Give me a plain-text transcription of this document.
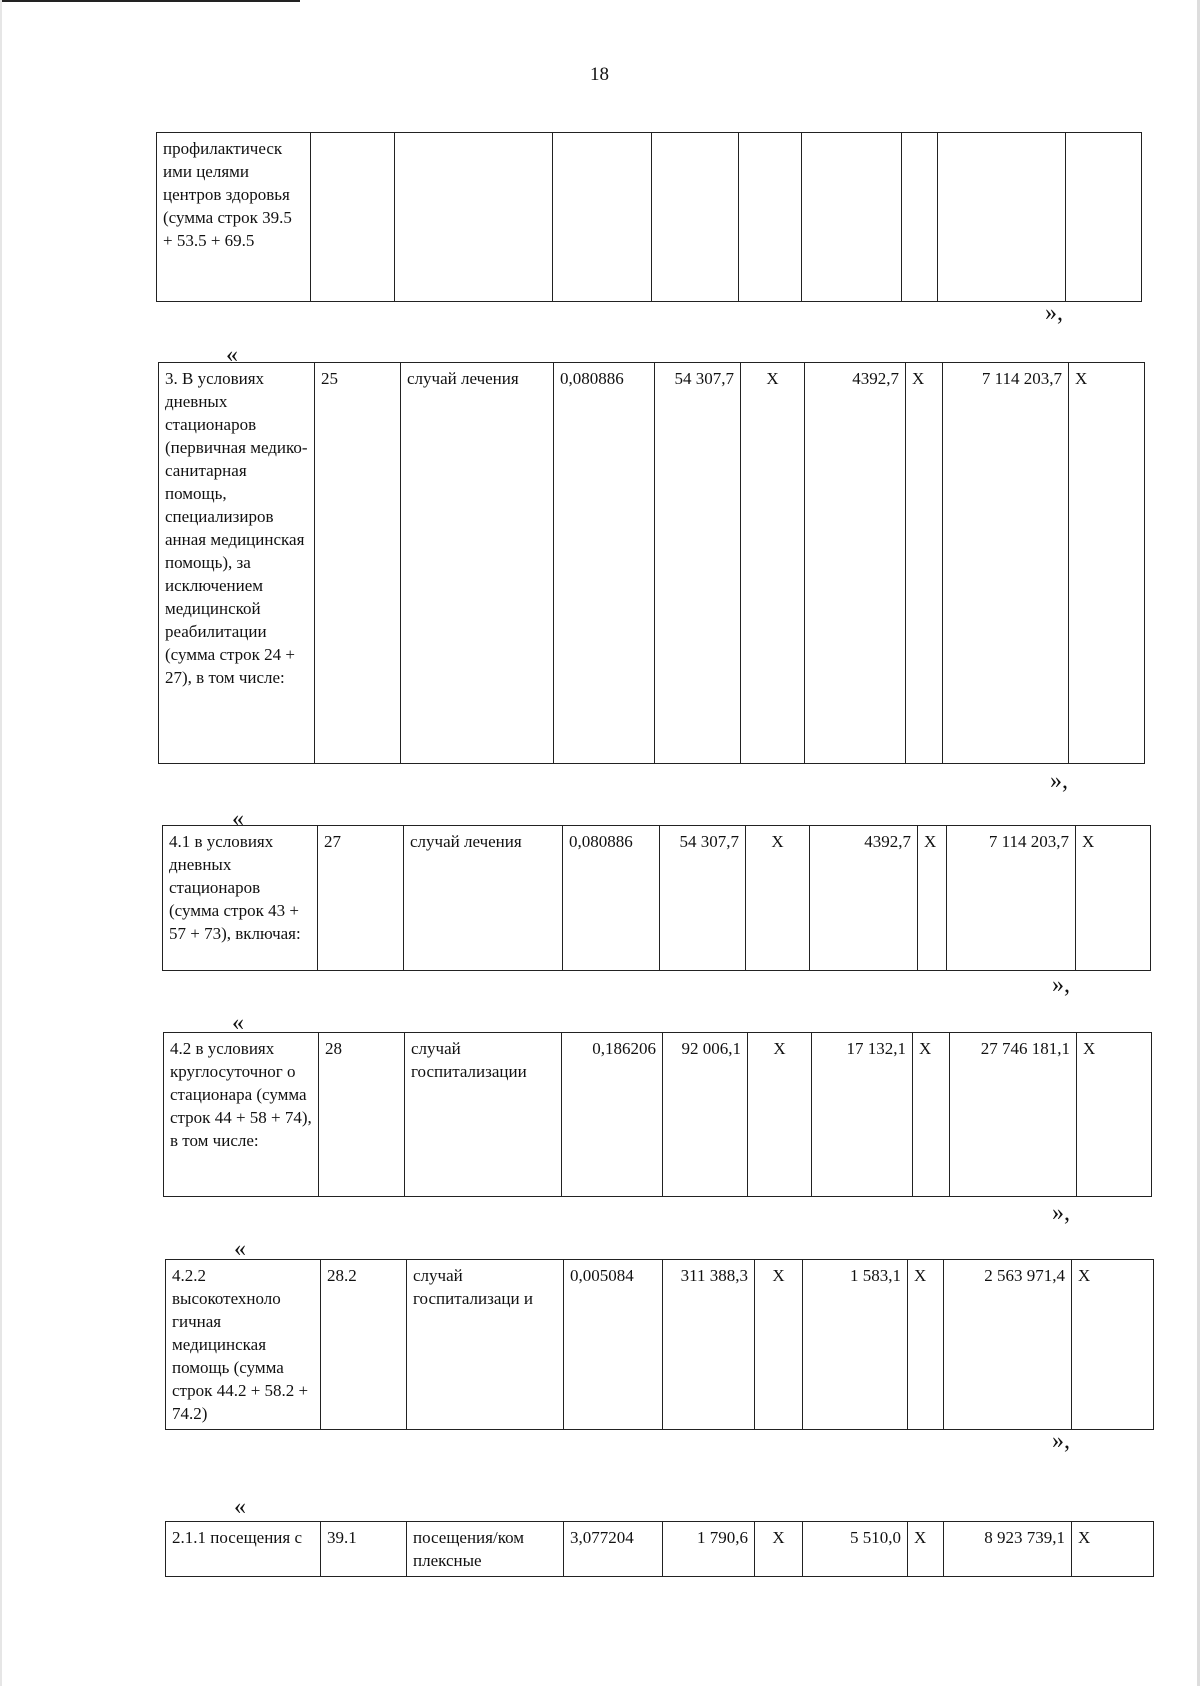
18
профилактическ ими целями центров здоровья (сумма строк 39.5 + 53.5 + 69.5									
»,
«
3. В условиях дневных стационаров (первичная медико-санитарная помощь, специализиров анная медицинская помощь), за исключением медицинской реабилитации (сумма строк 24 + 27), в том числе:	25	случай лечения	0,080886	54 307,7	Х	4392,7	Х	7 114 203,7	Х
»,
«
4.1 в условиях дневных стационаров (сумма строк 43 + 57 + 73), включая:	27	случай лечения	0,080886	54 307,7	Х	4392,7	Х	7 114 203,7	Х
»,
«
4.2 в условиях круглосуточног о стационара (сумма строк 44 + 58 + 74), в том числе:	28	случай госпитализации	0,186206	92 006,1	Х	17 132,1	Х	27 746 181,1	Х
»,
«
4.2.2 высокотехноло гичная медицинская помощь (сумма строк 44.2 + 58.2 + 74.2)	28.2	случай госпитализаци и	0,005084	311 388,3	Х	1 583,1	Х	2 563 971,4	Х
»,
«
2.1.1 посещения с	39.1	посещения/ком плексные	3,077204	1 790,6	Х	5 510,0	Х	8 923 739,1	Х
